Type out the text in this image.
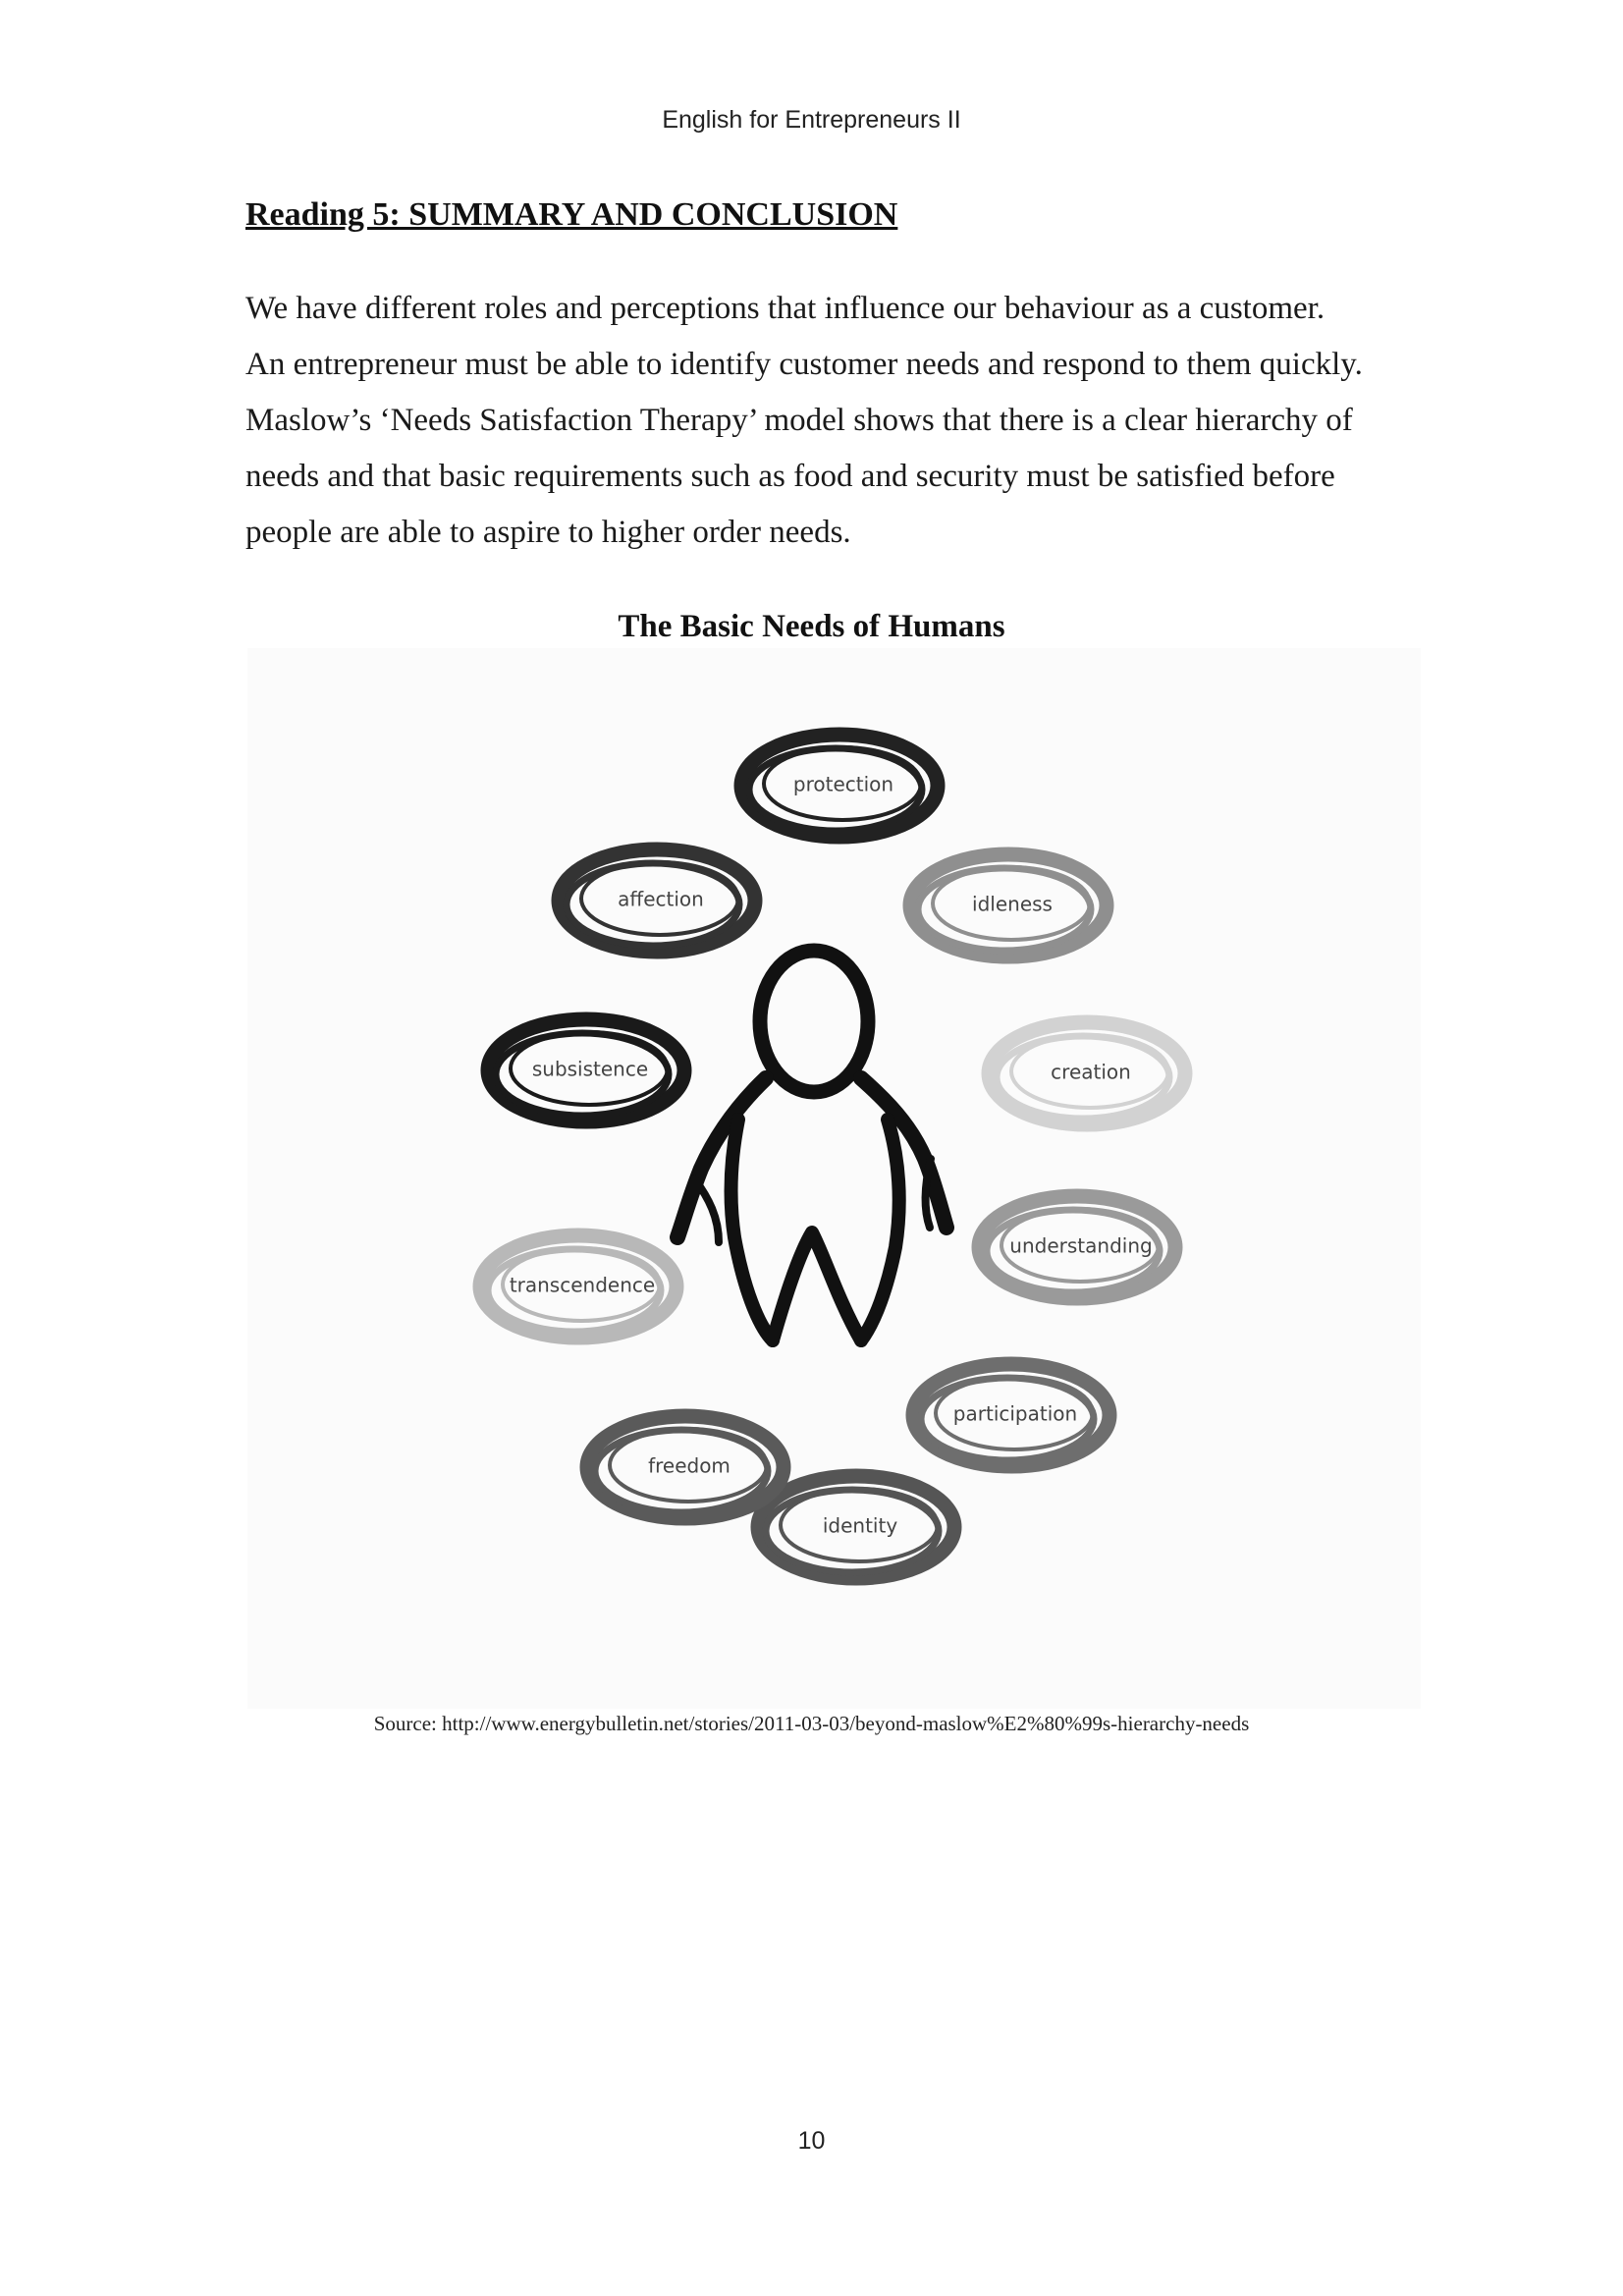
English for Entrepreneurs II
Reading 5: SUMMARY AND CONCLUSION
We have different roles and perceptions that influence our behaviour as a customer.
An entrepreneur must be able to identify customer needs and respond to them quickly.
Maslow’s ‘Needs Satisfaction Therapy’ model shows that there is a clear hierarchy of
needs and that basic requirements such as food and security must be satisfied before
people are able to aspire to higher order needs.
The Basic Needs of Humans
protection
idleness
creation
understanding
participation
identity
freedom
transcendence
subsistence
affection
Source: http://www.energybulletin.net/stories/2011-03-03/beyond-maslow%E2%80%99s-hierarchy-needs
10
